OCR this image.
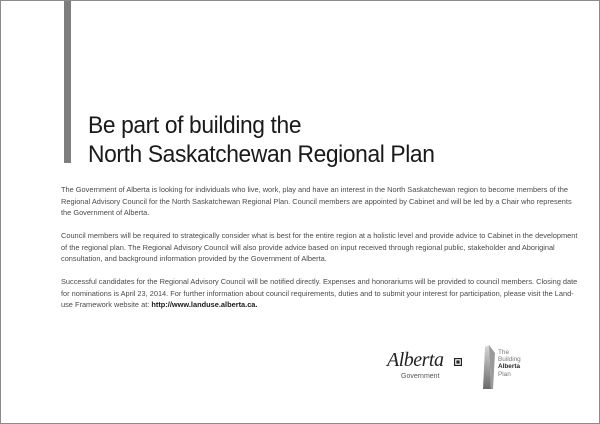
Be part of building the
North Saskatchewan Regional Plan

The Government of Alberta is looking for individuals who live, work, play and have an interest in the North Saskatchewan region to become members of the Regional Advisory Council for the North Saskatchewan Regional Plan. Council members are appointed by Cabinet and will be led by a Chair who represents the Government of Alberta.

Council members will be required to strategically consider what is best for the entire region at a holistic level and provide advice to Cabinet in the development of the regional plan. The Regional Advisory Council will also provide advice based on input received through regional public, stakeholder and Aboriginal consultation, and background information provided by the Government of Alberta.

Successful candidates for the Regional Advisory Council will be notified directly. Expenses and honorariums will be provided to council members. Closing date for nominations is April 23, 2014. For further information about council requirements, duties and to submit your interest for participation, please visit the Land-use Framework website at: http://www.landuse.alberta.ca.

Alberta
Government
The
Building
Alberta
Plan
